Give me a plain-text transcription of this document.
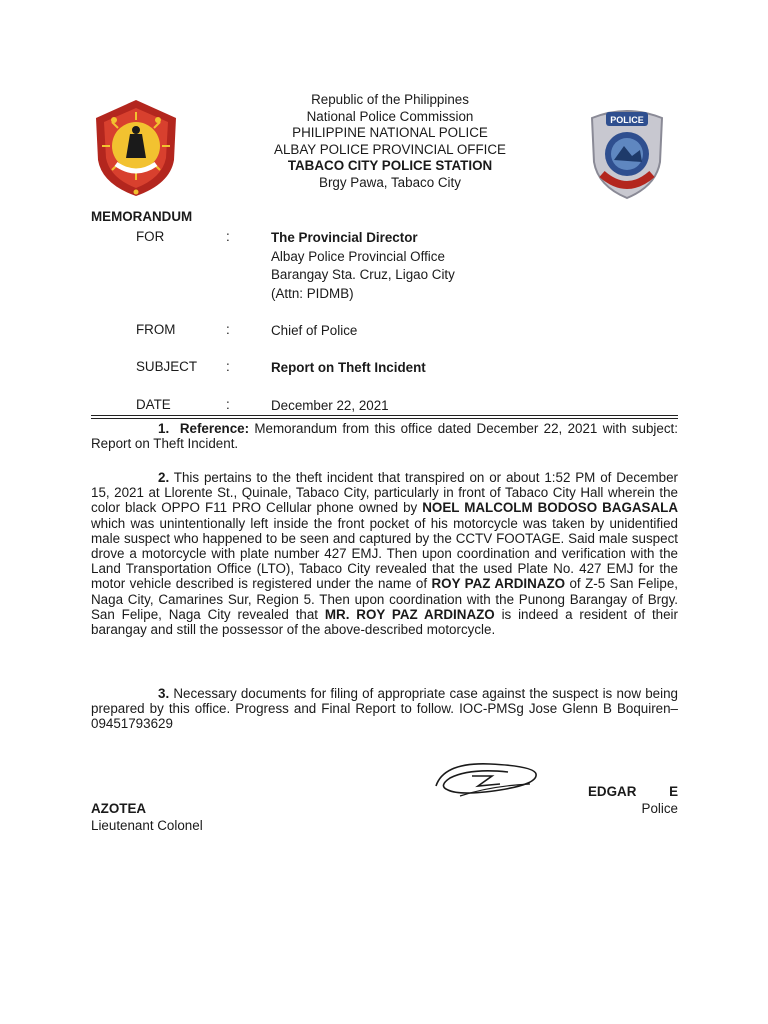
POLICE
Republic of the Philippines
National Police Commission
PHILIPPINE NATIONAL POLICE
ALBAY POLICE PROVINCIAL OFFICE
TABACO CITY POLICE STATION
Brgy Pawa, Tabaco City
MEMORANDUM
FOR	:	The Provincial Director
Albay Police Provincial Office
Barangay Sta. Cruz, Ligao City
(Attn: PIDMB)
FROM	:	Chief of Police
SUBJECT :	Report on Theft Incident
DATE	:	December 22, 2021
1. Reference: Memorandum from this office dated December 22, 2021 with subject: Report on Theft Incident.
2. This pertains to the theft incident that transpired on or about 1:52 PM of December 15, 2021 at Llorente St., Quinale, Tabaco City, particularly in front of Tabaco City Hall wherein the color black OPPO F11 PRO Cellular phone owned by NOEL MALCOLM BODOSO BAGASALA which was unintentionally left inside the front pocket of his motorcycle was taken by unidentified male suspect who happened to be seen and captured by the CCTV FOOTAGE. Said male suspect drove a motorcycle with plate number 427 EMJ. Then upon coordination and verification with the Land Transportation Office (LTO), Tabaco City revealed that the used Plate No. 427 EMJ for the motor vehicle described is registered under the name of ROY PAZ ARDINAZO of Z-5 San Felipe, Naga City, Camarines Sur, Region 5. Then upon coordination with the Punong Barangay of Brgy. San Felipe, Naga City revealed that MR. ROY PAZ ARDINAZO is indeed a resident of their barangay and still the possessor of the above-described motorcycle.
3. Necessary documents for filing of appropriate case against the suspect is now being prepared by this office. Progress and Final Report to follow. IOC-PMSg Jose Glenn B Boquiren– 09451793629
EDGAR E
Police
AZOTEA
Lieutenant Colonel
